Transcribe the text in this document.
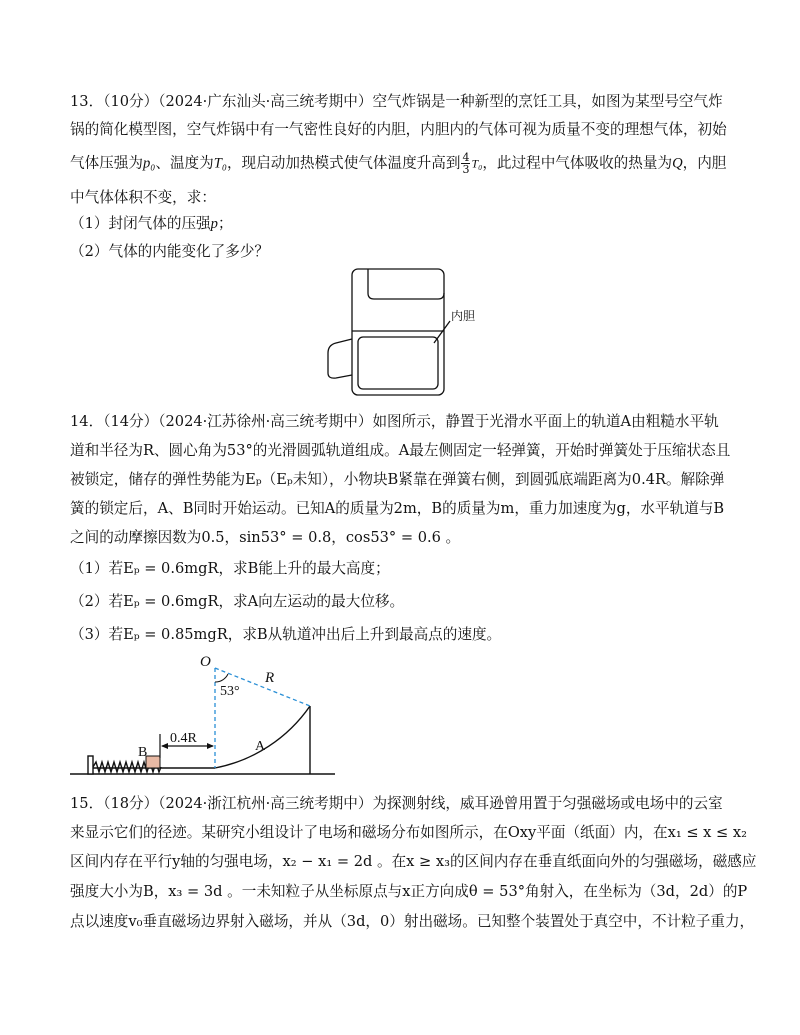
13．（10分）（2024·广东汕头·高三统考期中）空气炸锅是一种新型的烹饪工具，如图为某型号空气炸
锅的简化模型图，空气炸锅中有一气密性良好的内胆，内胆内的气体可视为质量不变的理想气体，初始
气体压强为p₀、温度为T₀，现启动加热模式使气体温度升高到 $\frac{4}{3} T_0$，此过程中气体吸收的热量为Q，内胆
中气体体积不变，求：
（1）封闭气体的压强p；
（2）气体的内能变化了多少？
内胆
14．（14分）（2024·江苏徐州·高三统考期中）如图所示，静置于光滑水平面上的轨道A由粗糙水平轨
道和半径为R、圆心角为53°的光滑圆弧轨道组成。A最左侧固定一轻弹簧，开始时弹簧处于压缩状态且
被锁定，储存的弹性势能为Eₚ（Eₚ未知），小物块B紧靠在弹簧右侧，到圆弧底端距离为0.4R。解除弹
簧的锁定后，A、B同时开始运动。已知A的质量为2m，B的质量为m，重力加速度为g，水平轨道与B
之间的动摩擦因数为0.5，sin53° = 0.8，cos53° = 0.6 。
（1）若Eₚ = 0.6mgR，求B能上升的最大高度；
（2）若Eₚ = 0.6mgR，求A向左运动的最大位移。
（3）若Eₚ = 0.85mgR，求B从轨道冲出后上升到最高点的速度。
O
53°
R
0.4R
B	A
15．（18分）（2024·浙江杭州·高三统考期中）为探测射线，威耳逊曾用置于匀强磁场或电场中的云室
来显示它们的径迹。某研究小组设计了电场和磁场分布如图所示，在Oxy平面（纸面）内，在x₁ ≤ x ≤ x₂
区间内存在平行y轴的匀强电场，x₂ − x₁ = 2d 。在x ≥ x₃的区间内存在垂直纸面向外的匀强磁场，磁感应
强度大小为B，x₃ = 3d 。一未知粒子从坐标原点与x正方向成θ = 53°角射入，在坐标为（3d，2d）的P
点以速度v₀垂直磁场边界射入磁场，并从（3d，0）射出磁场。已知整个装置处于真空中，不计粒子重力，
